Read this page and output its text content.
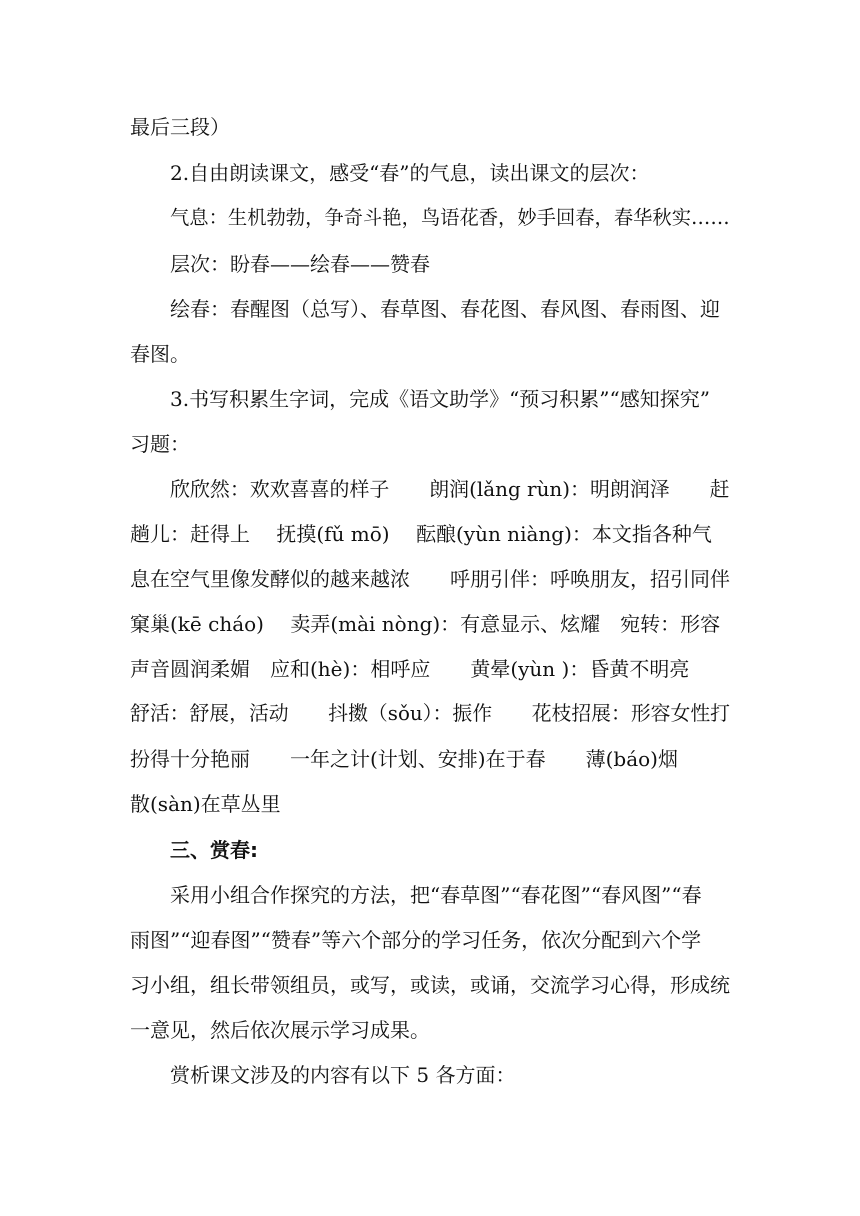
最后三段）
2.自由朗读课文，感受“春”的气息，读出课文的层次：
气息：生机勃勃，争奇斗艳，鸟语花香，妙手回春，春华秋实……
层次：盼春——绘春——赞春
绘春：春醒图（总写）、春草图、春花图、春风图、春雨图、迎
春图。
3.书写积累生字词，完成《语文助学》“预习积累”“感知探究”
习题：
欣欣然：欢欢喜喜的样子　　朗润(lǎng rùn)：明朗润泽　　赶
趟儿：赶得上　 抚摸(fǔ mō)　 酝酿(yùn niàng)：本文指各种气
息在空气里像发酵似的越来越浓　　呼朋引伴：呼唤朋友，招引同伴
窠巢(kē cháo)　 卖弄(mài nòng)：有意显示、炫耀　宛转：形容
声音圆润柔媚　应和(hè)：相呼应　　黄晕(yùn )：昏黄不明亮
舒活：舒展，活动　　抖擞（sǒu）：振作　　花枝招展：形容女性打
扮得十分艳丽　　一年之计(计划、安排)在于春　　薄(báo)烟
散(sàn)在草丛里
三、赏春:
采用小组合作探究的方法，把“春草图”“春花图”“春风图”“春
雨图”“迎春图”“赞春”等六个部分的学习任务，依次分配到六个学
习小组，组长带领组员，或写，或读，或诵，交流学习心得，形成统
一意见，然后依次展示学习成果。
赏析课文涉及的内容有以下 5 各方面：
